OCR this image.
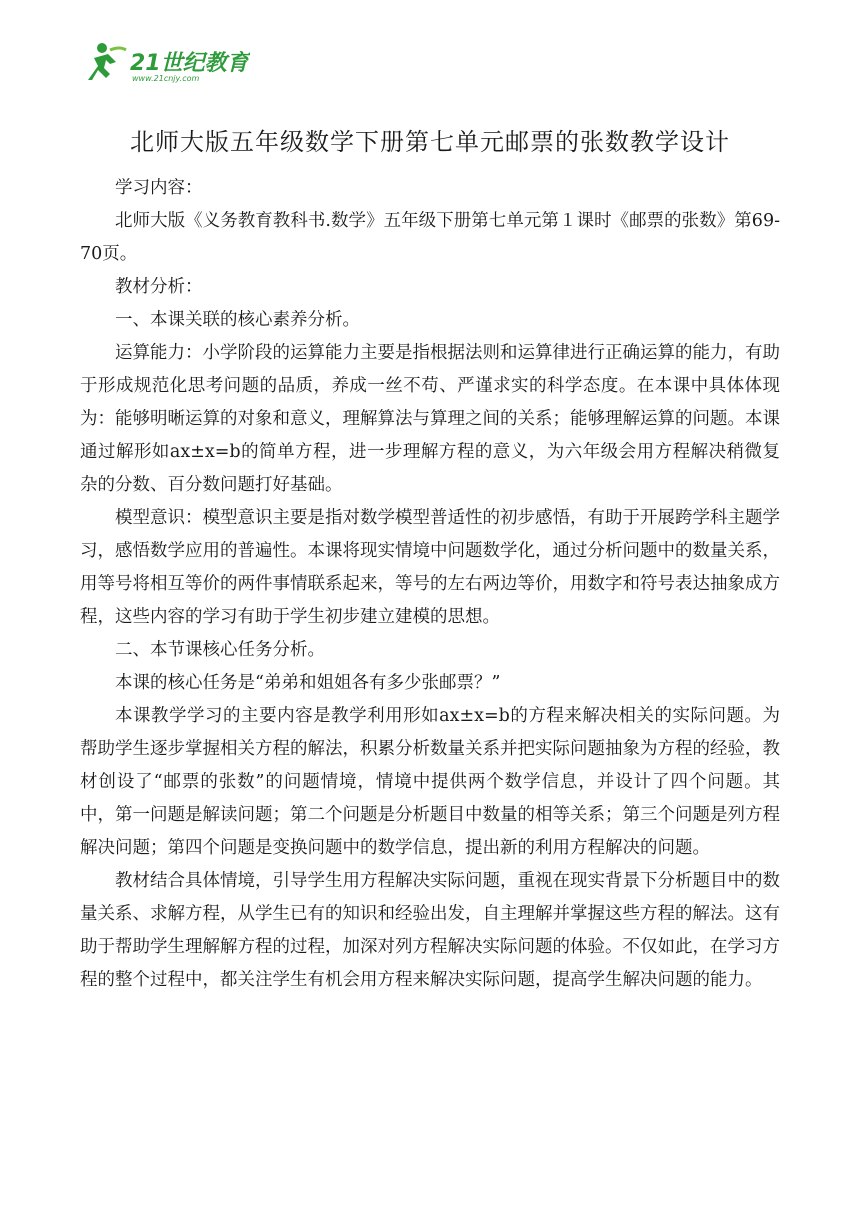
21世纪教育
www.21cnjy.com
北师大版五年级数学下册第七单元邮票的张数教学设计

学习内容：

北师大版《义务教育教科书.数学》五年级下册第七单元第１课时《邮票的张数》第69-70页。

教材分析：

一、本课关联的核心素养分析。

运算能力：小学阶段的运算能力主要是指根据法则和运算律进行正确运算的能力，有助于形成规范化思考问题的品质，养成一丝不苟、严谨求实的科学态度。在本课中具体体现为：能够明晰运算的对象和意义，理解算法与算理之间的关系；能够理解运算的问题。本课通过解形如ax±x=b的简单方程，进一步理解方程的意义，为六年级会用方程解决稍微复杂的分数、百分数问题打好基础。

模型意识：模型意识主要是指对数学模型普适性的初步感悟，有助于开展跨学科主题学习，感悟数学应用的普遍性。本课将现实情境中问题数学化，通过分析问题中的数量关系，用等号将相互等价的两件事情联系起来，等号的左右两边等价，用数字和符号表达抽象成方程，这些内容的学习有助于学生初步建立建模的思想。

二、本节课核心任务分析。

本课的核心任务是“弟弟和姐姐各有多少张邮票？”

本课教学学习的主要内容是教学利用形如ax±x=b的方程来解决相关的实际问题。为帮助学生逐步掌握相关方程的解法，积累分析数量关系并把实际问题抽象为方程的经验，教材创设了“邮票的张数”的问题情境，情境中提供两个数学信息，并设计了四个问题。其中，第一问题是解读问题；第二个问题是分析题目中数量的相等关系；第三个问题是列方程解决问题；第四个问题是变换问题中的数学信息，提出新的利用方程解决的问题。

教材结合具体情境，引导学生用方程解决实际问题，重视在现实背景下分析题目中的数量关系、求解方程，从学生已有的知识和经验出发，自主理解并掌握这些方程的解法。这有助于帮助学生理解解方程的过程，加深对列方程解决实际问题的体验。不仅如此，在学习方程的整个过程中，都关注学生有机会用方程来解决实际问题，提高学生解决问题的能力。
